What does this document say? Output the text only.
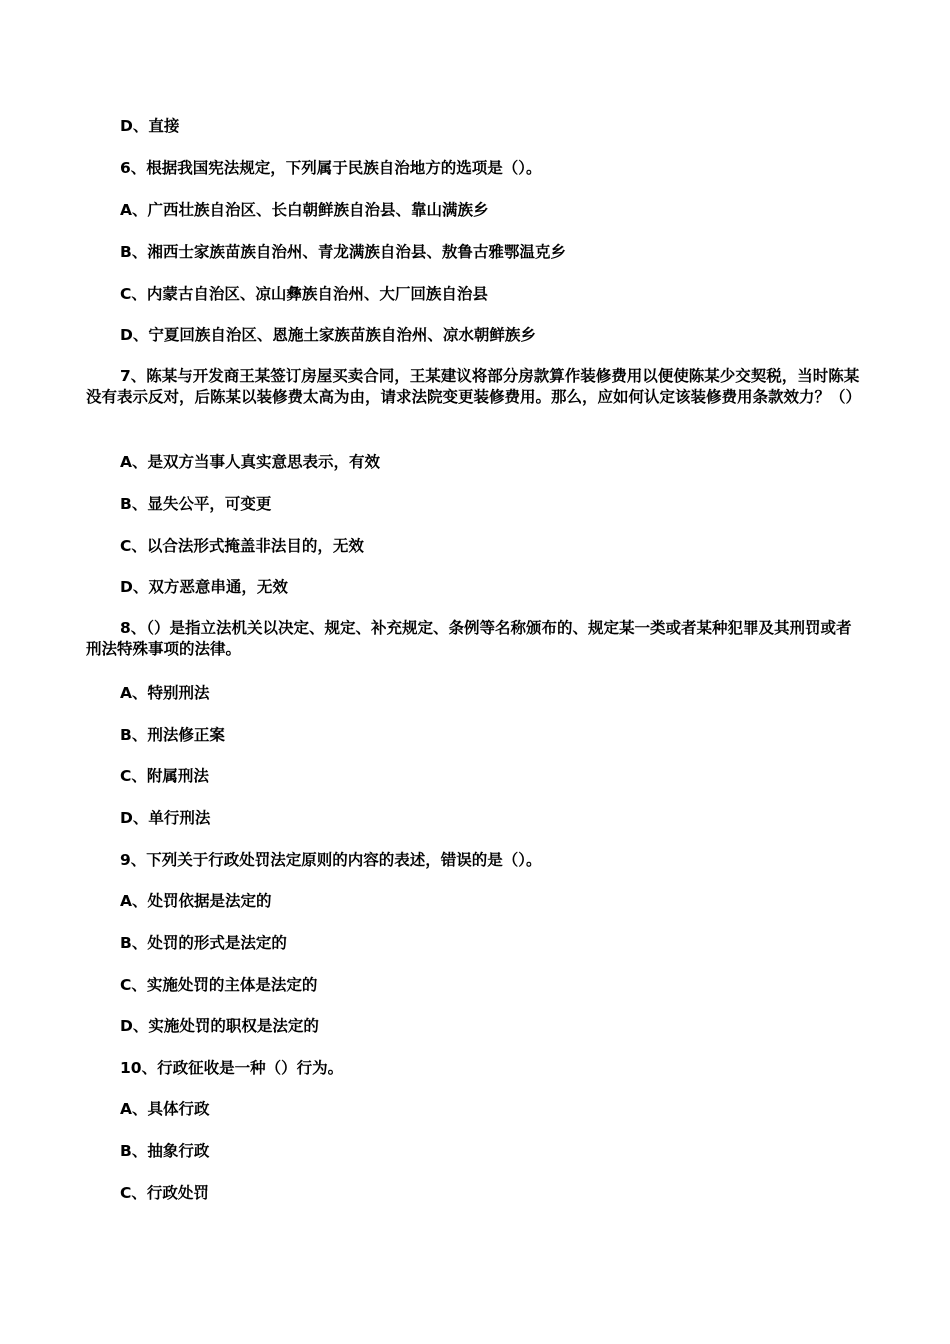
D、直接
6、根据我国宪法规定，下列属于民族自治地方的选项是（）。
A、广西壮族自治区、长白朝鲜族自治县、靠山满族乡
B、湘西士家族苗族自治州、青龙满族自治县、敖鲁古雅鄂温克乡
C、内蒙古自治区、凉山彝族自治州、大厂回族自治县
D、宁夏回族自治区、恩施土家族苗族自治州、凉水朝鲜族乡
7、陈某与开发商王某签订房屋买卖合同，王某建议将部分房款算作装修费用以便使陈某少交契税，当时陈某没有表示反对，后陈某以装修费太高为由，请求法院变更装修费用。那么，应如何认定该装修费用条款效力？（）
A、是双方当事人真实意思表示，有效
B、显失公平，可变更
C、以合法形式掩盖非法目的，无效
D、双方恶意串通，无效
8、（）是指立法机关以决定、规定、补充规定、条例等名称颁布的、规定某一类或者某种犯罪及其刑罚或者刑法特殊事项的法律。
A、特别刑法
B、刑法修正案
C、附属刑法
D、单行刑法
9、下列关于行政处罚法定原则的内容的表述，错误的是（）。
A、处罚依据是法定的
B、处罚的形式是法定的
C、实施处罚的主体是法定的
D、实施处罚的职权是法定的
10、行政征收是一种（）行为。
A、具体行政
B、抽象行政
C、行政处罚
